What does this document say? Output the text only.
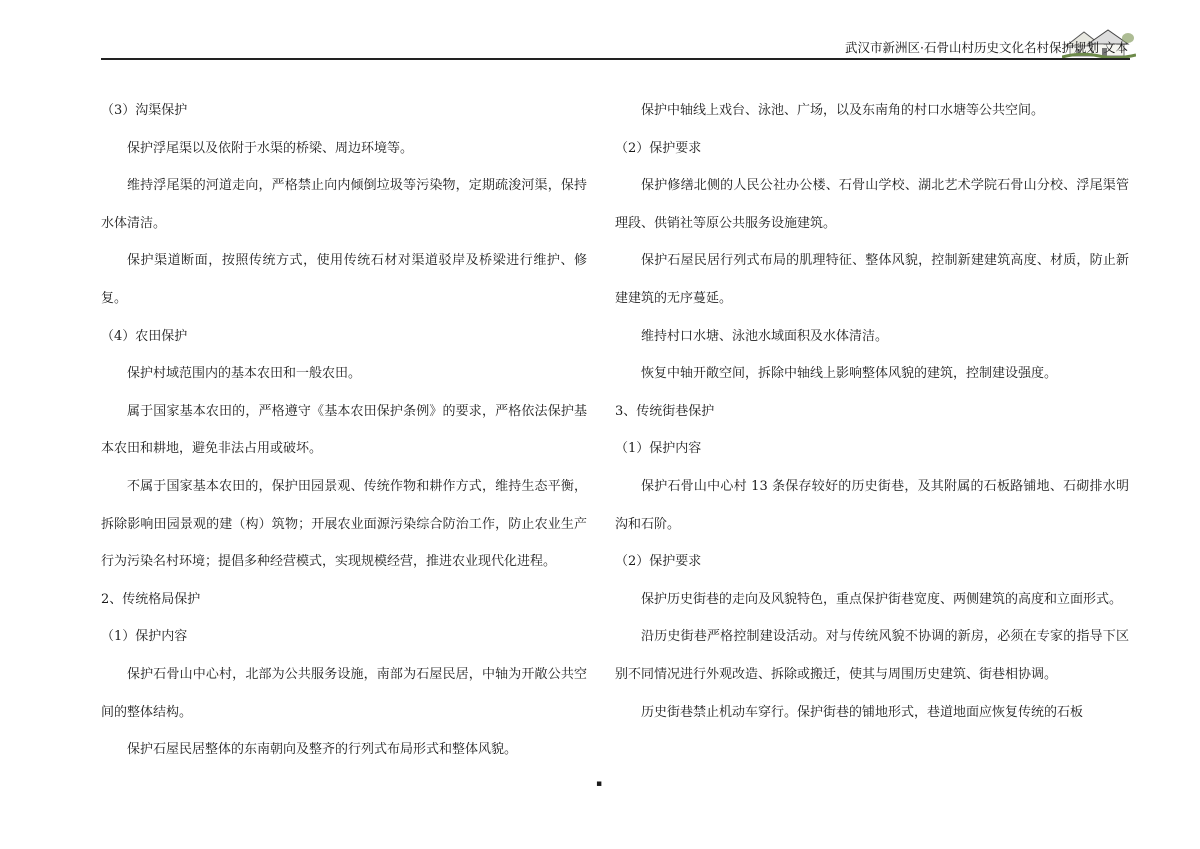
武汉市新洲区·石骨山村历史文化名村保护规划 文本

（3）沟渠保护

保护浮尾渠以及依附于水渠的桥梁、周边环境等。

维持浮尾渠的河道走向，严格禁止向内倾倒垃圾等污染物，定期疏浚河渠，保持水体清洁。

保护渠道断面，按照传统方式，使用传统石材对渠道驳岸及桥梁进行维护、修复。

（4）农田保护

保护村域范围内的基本农田和一般农田。

属于国家基本农田的，严格遵守《基本农田保护条例》的要求，严格依法保护基本农田和耕地，避免非法占用或破坏。

不属于国家基本农田的，保护田园景观、传统作物和耕作方式，维持生态平衡，拆除影响田园景观的建（构）筑物；开展农业面源污染综合防治工作，防止农业生产行为污染名村环境；提倡多种经营模式，实现规模经营，推进农业现代化进程。

2、传统格局保护

（1）保护内容

保护石骨山中心村，北部为公共服务设施，南部为石屋民居，中轴为开敞公共空间的整体结构。

保护石屋民居整体的东南朝向及整齐的行列式布局形式和整体风貌。

保护中轴线上戏台、泳池、广场，以及东南角的村口水塘等公共空间。

（2）保护要求

保护修缮北侧的人民公社办公楼、石骨山学校、湖北艺术学院石骨山分校、浮尾渠管理段、供销社等原公共服务设施建筑。

保护石屋民居行列式布局的肌理特征、整体风貌，控制新建建筑高度、材质，防止新建建筑的无序蔓延。

维持村口水塘、泳池水域面积及水体清洁。

恢复中轴开敞空间，拆除中轴线上影响整体风貌的建筑，控制建设强度。

3、传统街巷保护

（1）保护内容

保护石骨山中心村 13 条保存较好的历史街巷，及其附属的石板路铺地、石砌排水明沟和石阶。

（2）保护要求

保护历史街巷的走向及风貌特色，重点保护街巷宽度、两侧建筑的高度和立面形式。

沿历史街巷严格控制建设活动。对与传统风貌不协调的新房，必须在专家的指导下区别不同情况进行外观改造、拆除或搬迁，使其与周围历史建筑、街巷相协调。

历史街巷禁止机动车穿行。保护街巷的铺地形式，巷道地面应恢复传统的石板

▪
